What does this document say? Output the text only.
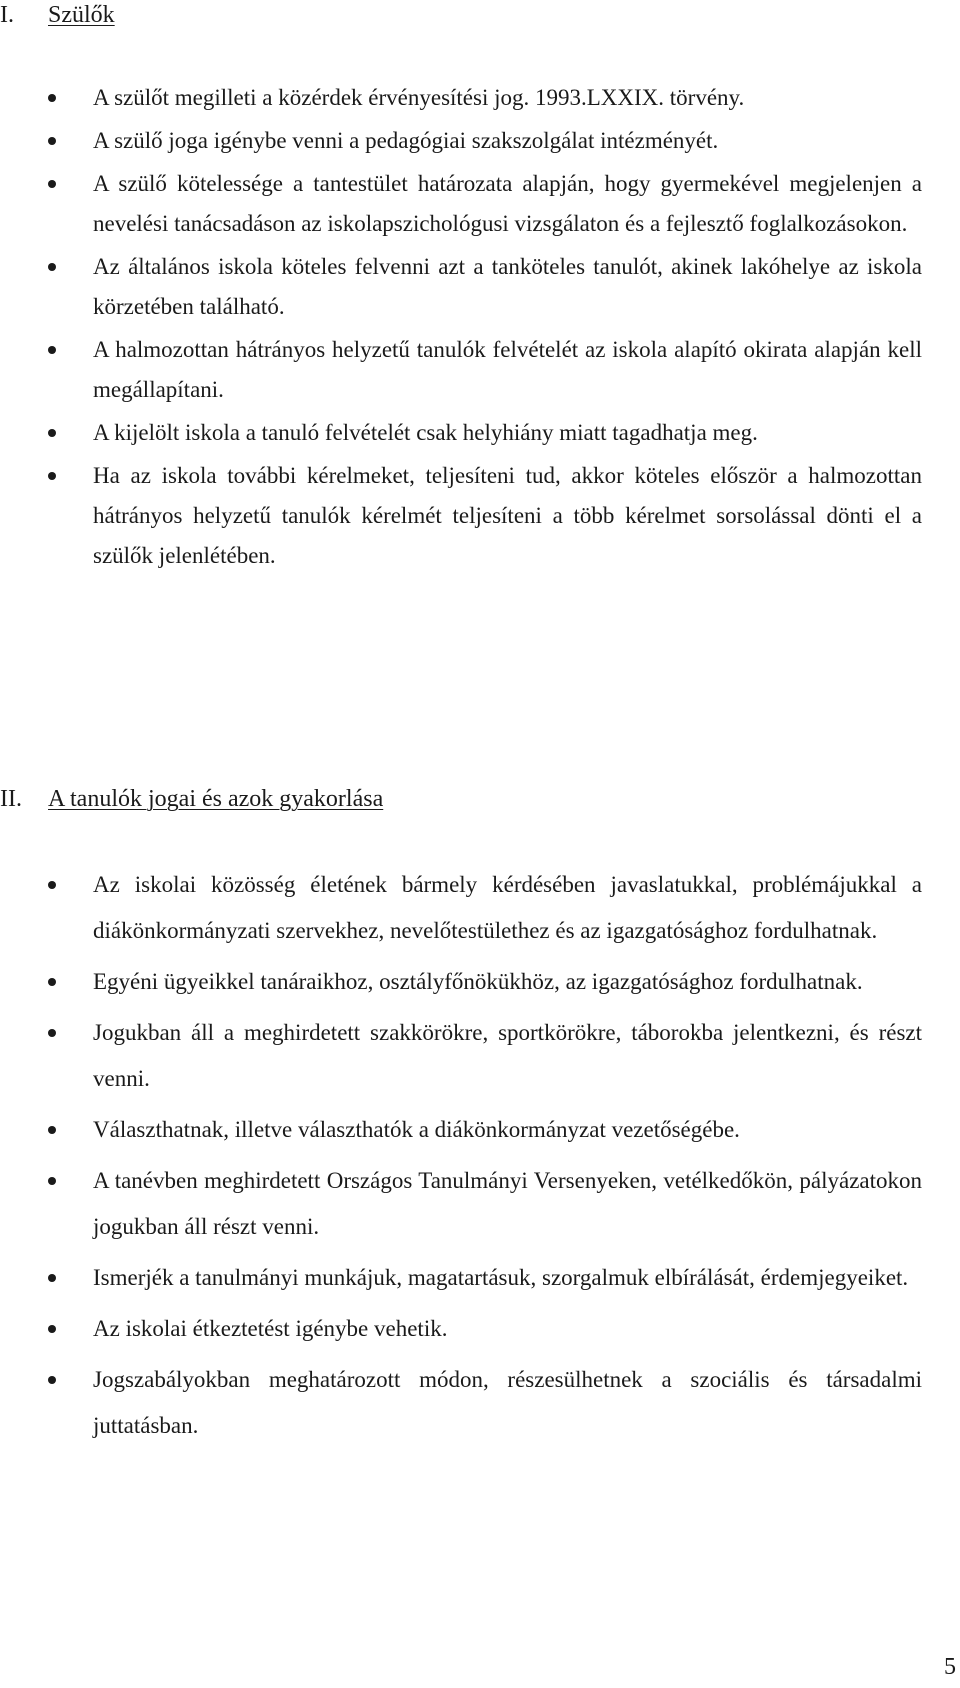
I.	Szülők
A szülőt megilleti a közérdek érvényesítési jog. 1993.LXXIX. törvény.
A szülő joga igénybe venni a pedagógiai szakszolgálat intézményét.
A szülő kötelessége a tantestület határozata alapján, hogy gyermekével megjelenjen a nevelési tanácsadáson az iskolapszichológusi vizsgálaton és a fejlesztő foglalkozásokon.
Az általános iskola köteles felvenni azt a tanköteles tanulót, akinek lakóhelye az iskola körzetében található.
A halmozottan hátrányos helyzetű tanulók felvételét az iskola alapító okirata alapján kell megállapítani.
A kijelölt iskola a tanuló felvételét csak helyhiány miatt tagadhatja meg.
Ha az iskola további kérelmeket, teljesíteni tud, akkor köteles először a halmozottan hátrányos helyzetű tanulók kérelmét teljesíteni a több kérelmet sorsolással dönti el a szülők jelenlétében.
II.	A tanulók jogai és azok gyakorlása
Az iskolai közösség életének bármely kérdésében javaslatukkal, problémájukkal a diákönkormányzati szervekhez, nevelőtestülethez és az igazgatósághoz fordulhatnak.
Egyéni ügyeikkel tanáraikhoz, osztályfőnökükhöz, az igazgatósághoz fordulhatnak.
Jogukban áll a meghirdetett szakkörökre, sportkörökre, táborokba jelentkezni, és részt venni.
Választhatnak, illetve választhatók a diákönkormányzat vezetőségébe.
A tanévben meghirdetett Országos Tanulmányi Versenyeken, vetélkedőkön, pályázatokon jogukban áll részt venni.
Ismerjék a tanulmányi munkájuk, magatartásuk, szorgalmuk elbírálását, érdemjegyeiket.
Az iskolai étkeztetést igénybe vehetik.
Jogszabályokban meghatározott módon, részesülhetnek a szociális és társadalmi juttatásban.
5
